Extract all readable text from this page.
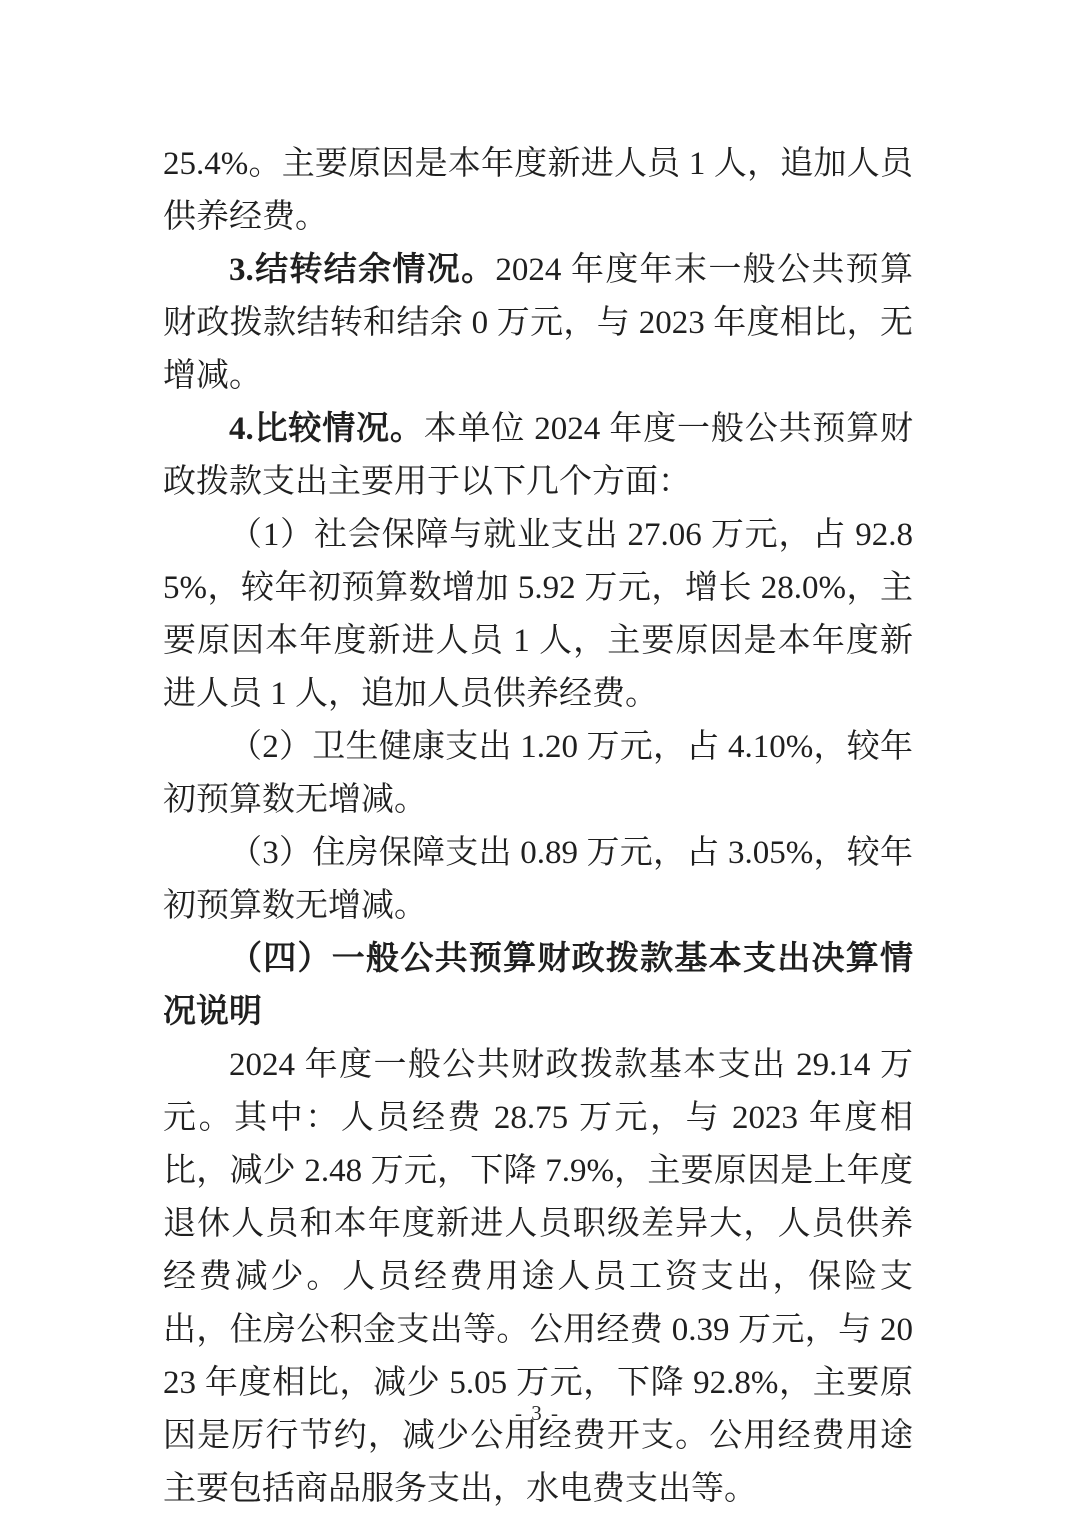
25.4%。主要原因是本年度新进人员 1 人，追加人员供养经费。

3.结转结余情况。2024 年度年末一般公共预算财政拨款结转和结余 0 万元，与 2023 年度相比，无增减。

4.比较情况。本单位 2024 年度一般公共预算财政拨款支出主要用于以下几个方面：

（1）社会保障与就业支出 27.06 万元，占 92.85%，较年初预算数增加 5.92 万元，增长 28.0%，主要原因本年度新进人员 1 人，主要原因是本年度新进人员 1 人，追加人员供养经费。

（2）卫生健康支出 1.20 万元，占 4.10%，较年初预算数无增减。

（3）住房保障支出 0.89 万元，占 3.05%，较年初预算数无增减。

（四）一般公共预算财政拨款基本支出决算情况说明

2024 年度一般公共财政拨款基本支出 29.14 万元。其中：人员经费 28.75 万元，与 2023 年度相比，减少 2.48 万元，下降 7.9%，主要原因是上年度退休人员和本年度新进人员职级差异大，人员供养经费减少。人员经费用途人员工资支出，保险支出，住房公积金支出等。公用经费 0.39 万元，与 2023 年度相比，减少 5.05 万元，下降 92.8%，主要原因是厉行节约，减少公用经费开支。公用经费用途主要包括商品服务支出，水电费支出等。

- 3 -
